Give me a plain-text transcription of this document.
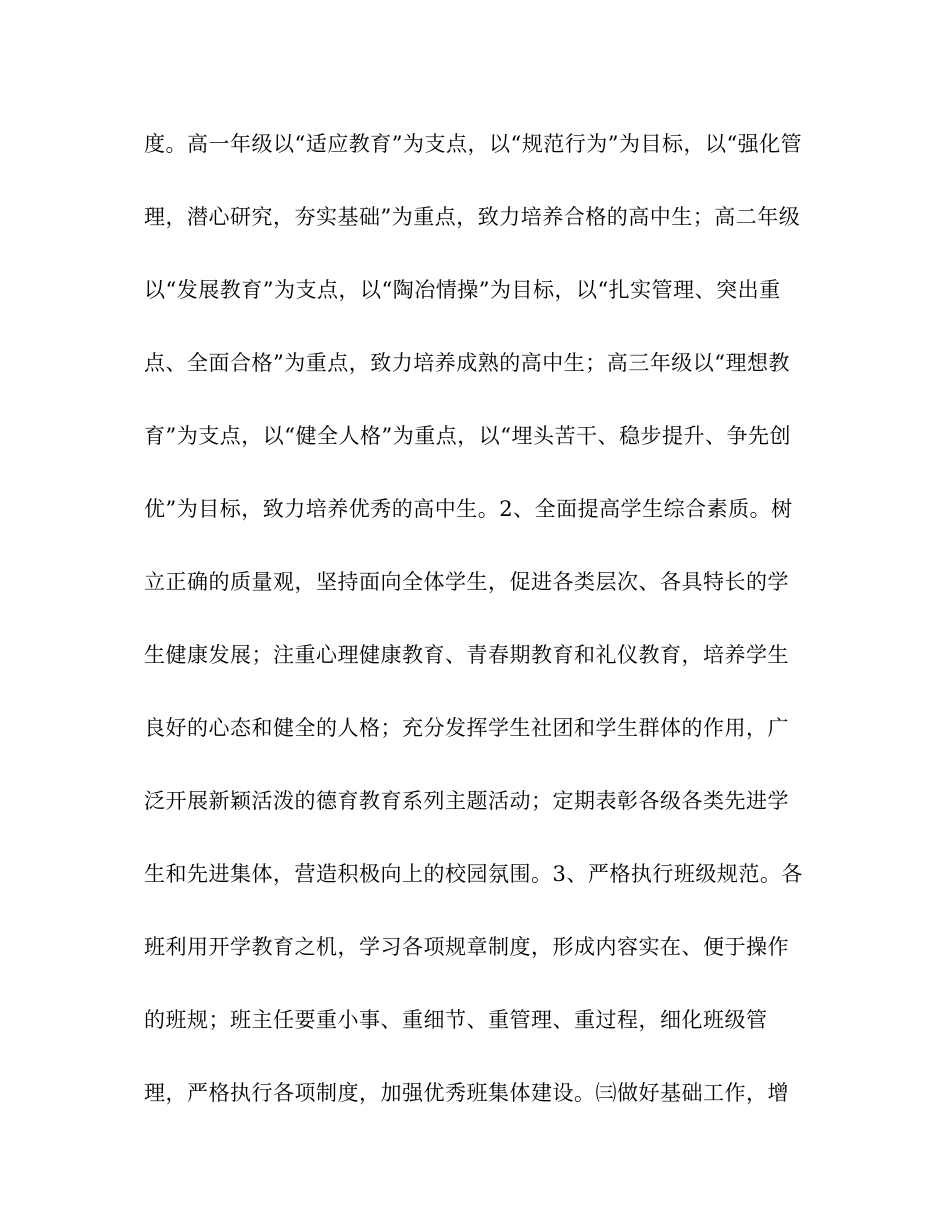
度。高一年级以“适应教育”为支点，以“规范行为”为目标，以“强化管
理，潜心研究，夯实基础”为重点，致力培养合格的高中生；高二年级
以“发展教育”为支点，以“陶冶情操”为目标，以“扎实管理、突出重
点、全面合格”为重点，致力培养成熟的高中生；高三年级以“理想教
育”为支点，以“健全人格”为重点，以“埋头苦干、稳步提升、争先创
优”为目标，致力培养优秀的高中生。2、全面提高学生综合素质。树
立正确的质量观，坚持面向全体学生，促进各类层次、各具特长的学
生健康发展；注重心理健康教育、青春期教育和礼仪教育，培养学生
良好的心态和健全的人格；充分发挥学生社团和学生群体的作用，广
泛开展新颖活泼的德育教育系列主题活动；定期表彰各级各类先进学
生和先进集体，营造积极向上的校园氛围。3、严格执行班级规范。各
班利用开学教育之机，学习各项规章制度，形成内容实在、便于操作
的班规；班主任要重小事、重细节、重管理、重过程，细化班级管
理，严格执行各项制度，加强优秀班集体建设。㈢做好基础工作，增
